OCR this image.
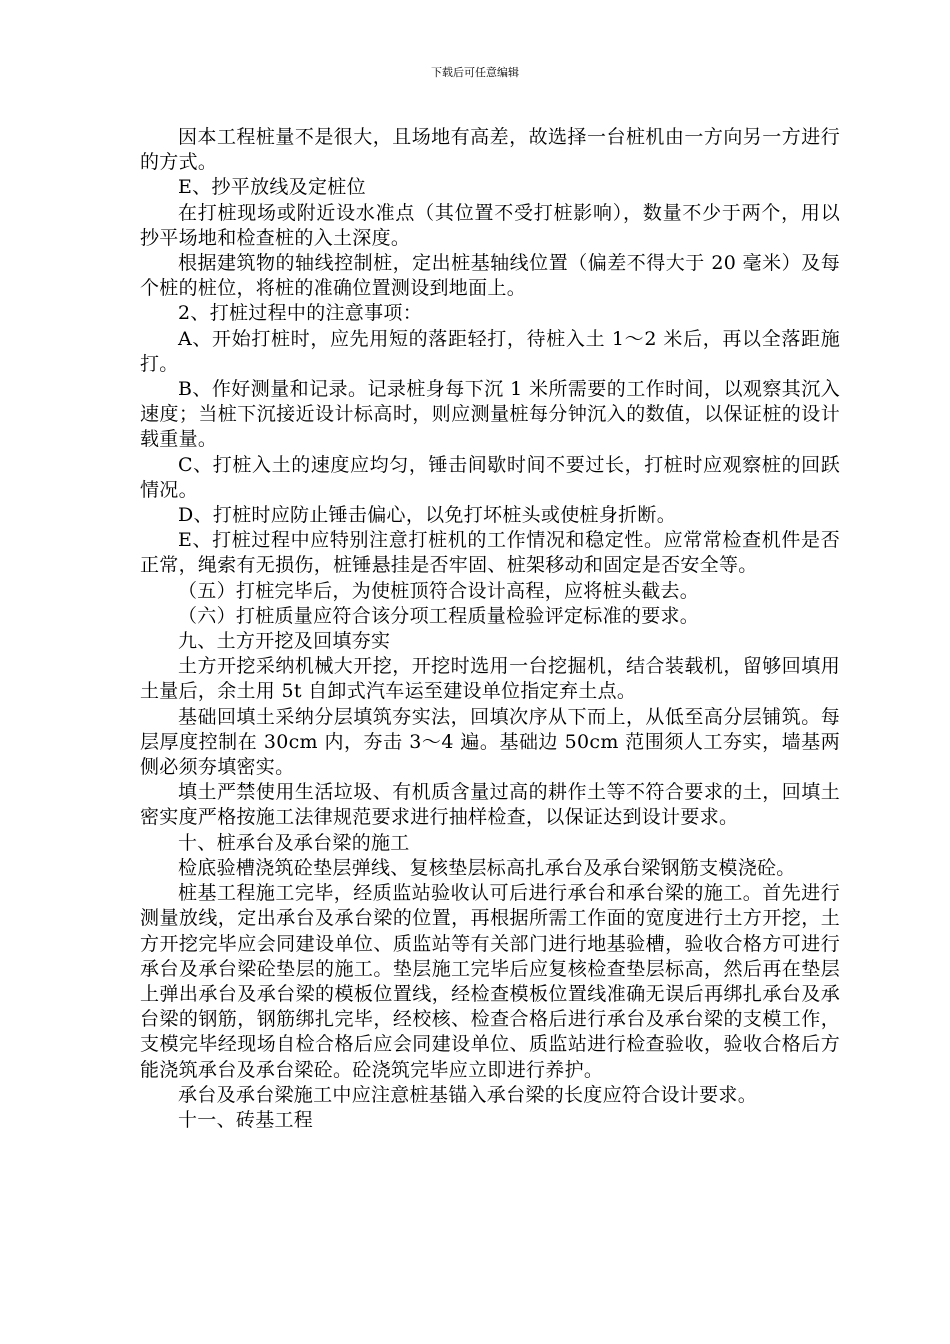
下载后可任意编辑

因本工程桩量不是很大，且场地有高差，故选择一台桩机由一方向另一方进行的方式。

E、抄平放线及定桩位

在打桩现场或附近设水准点（其位置不受打桩影响），数量不少于两个，用以抄平场地和检查桩的入土深度。

根据建筑物的轴线控制桩，定出桩基轴线位置（偏差不得大于 20 毫米）及每个桩的桩位，将桩的准确位置测设到地面上。

2、打桩过程中的注意事项：

A、开始打桩时，应先用短的落距轻打，待桩入土 1～2 米后，再以全落距施打。

B、作好测量和记录。记录桩身每下沉 1 米所需要的工作时间，以观察其沉入速度；当桩下沉接近设计标高时，则应测量桩每分钟沉入的数值，以保证桩的设计载重量。

C、打桩入土的速度应均匀，锤击间歇时间不要过长，打桩时应观察桩的回跃情况。

D、打桩时应防止锤击偏心，以免打坏桩头或使桩身折断。

E、打桩过程中应特别注意打桩机的工作情况和稳定性。应常常检查机件是否正常，绳索有无损伤，桩锤悬挂是否牢固、桩架移动和固定是否安全等。

（五）打桩完毕后，为使桩顶符合设计高程，应将桩头截去。

（六）打桩质量应符合该分项工程质量检验评定标准的要求。

九、土方开挖及回填夯实

土方开挖采纳机械大开挖，开挖时选用一台挖掘机，结合装载机，留够回填用土量后，余土用 5t 自卸式汽车运至建设单位指定弃土点。

基础回填土采纳分层填筑夯实法，回填次序从下而上，从低至高分层铺筑。每层厚度控制在 30cm 内，夯击 3～4 遍。基础边 50cm 范围须人工夯实，墙基两侧必须夯填密实。

填土严禁使用生活垃圾、有机质含量过高的耕作土等不符合要求的土，回填土密实度严格按施工法律规范要求进行抽样检查，以保证达到设计要求。

十、桩承台及承台梁的施工

检底验槽浇筑砼垫层弹线、复核垫层标高扎承台及承台梁钢筋支模浇砼。

桩基工程施工完毕，经质监站验收认可后进行承台和承台梁的施工。首先进行测量放线，定出承台及承台梁的位置，再根据所需工作面的宽度进行土方开挖，土方开挖完毕应会同建设单位、质监站等有关部门进行地基验槽，验收合格方可进行承台及承台梁砼垫层的施工。垫层施工完毕后应复核检查垫层标高，然后再在垫层上弹出承台及承台梁的模板位置线，经检查模板位置线准确无误后再绑扎承台及承台梁的钢筋，钢筋绑扎完毕，经校核、检查合格后进行承台及承台梁的支模工作，支模完毕经现场自检合格后应会同建设单位、质监站进行检查验收，验收合格后方能浇筑承台及承台梁砼。砼浇筑完毕应立即进行养护。

承台及承台梁施工中应注意桩基锚入承台梁的长度应符合设计要求。

十一、砖基工程
